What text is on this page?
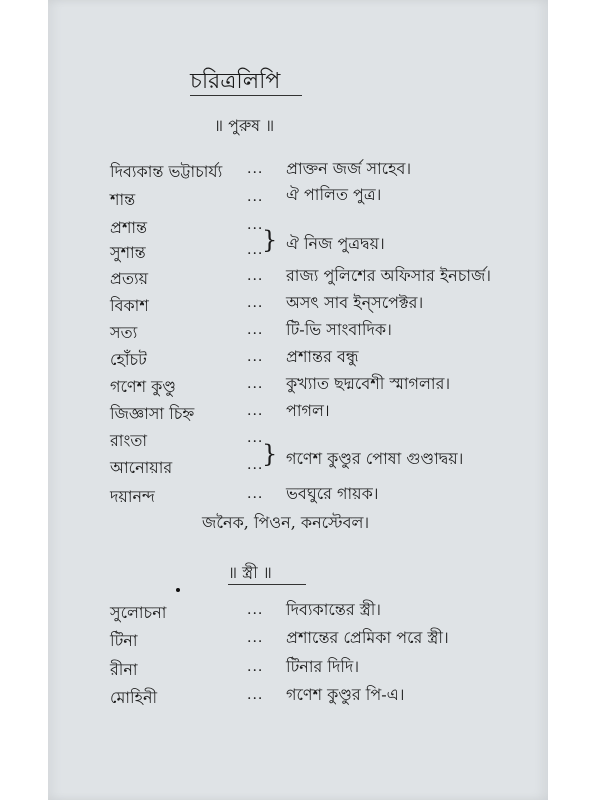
চরিত্রলিপি
॥ পুরুষ ॥
দিব্যকান্ত ভট্টাচার্য্য ... প্রাক্তন জর্জ সাহেব।
শান্ত	... ঐ পালিত পুত্র।
প্রশান্ত	...
সুশান্ত	...
} ঐ নিজ পুত্রদ্বয়।
প্রত্যয়	... রাজ্য পুলিশের অফিসার ইনচার্জ।
বিকাশ	... অসৎ সাব ইন্‌সপেক্টর।
সত্য	... টি-ভি সাংবাদিক।
হোঁচট	... প্রশান্তর বন্ধু
গণেশ কুণ্ডু	... কুখ্যাত ছদ্মবেশী স্মাগলার।
জিজ্ঞাসা চিহ্ন	... পাগল।
রাংতা	...
আনোয়ার	...
} গণেশ কুণ্ডুর পোষা গুণ্ডাদ্বয়।
দয়ানন্দ	... ভবঘুরে গায়ক।
জনৈক, পিওন, কনস্টেবল।
॥ স্ত্রী ॥
সুলোচনা	... দিব্যকান্তের স্ত্রী।
টিনা	... প্রশান্তের প্রেমিকা পরে স্ত্রী।
রীনা	... টিনার দিদি।
মোহিনী	... গণেশ কুণ্ডুর পি-এ।
